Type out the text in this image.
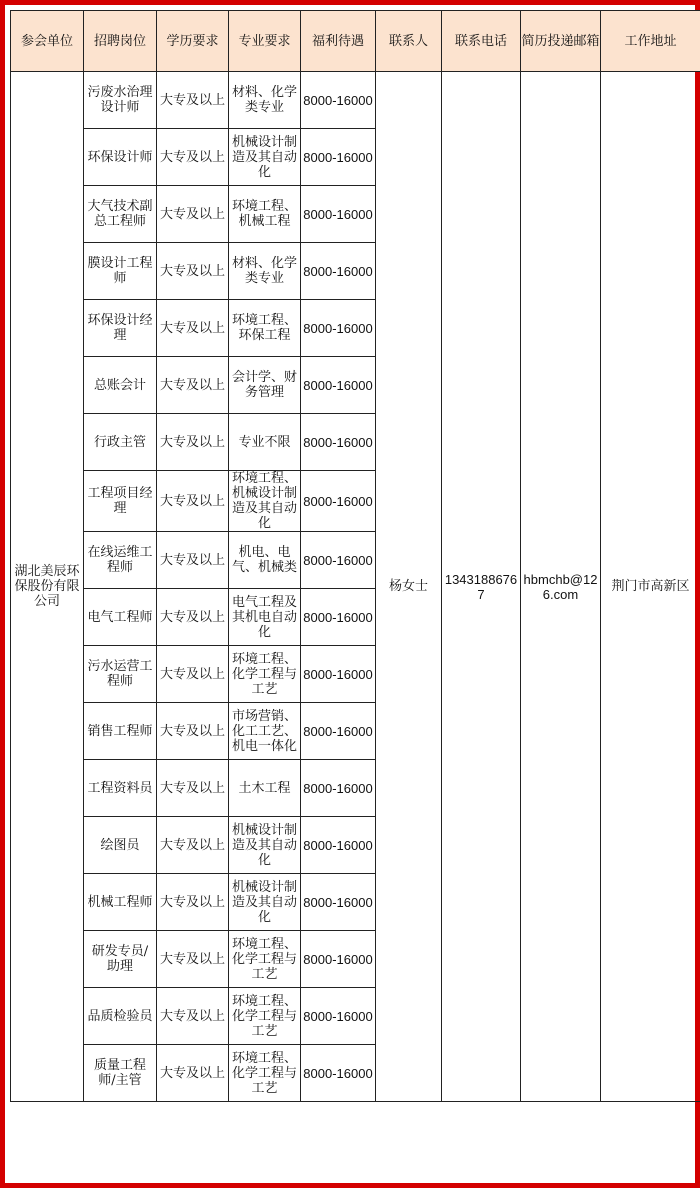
参会单位	招聘岗位	学历要求	专业要求	福利待遇	联系人	联系电话	简历投递邮箱	工作地址
湖北美辰环保股份有限公司	污废水治理设计师	大专及以上	材料、化学类专业	8000-16000	杨女士	13431886767	hbmchb@126.com	荆门市高新区
	环保设计师	大专及以上	机械设计制造及其自动化	8000-16000				
	大气技术副总工程师	大专及以上	环境工程、机械工程	8000-16000				
	膜设计工程师	大专及以上	材料、化学类专业	8000-16000				
	环保设计经理	大专及以上	环境工程、环保工程	8000-16000				
	总账会计	大专及以上	会计学、财务管理	8000-16000				
	行政主管	大专及以上	专业不限	8000-16000				
	工程项目经理	大专及以上	环境工程、机械设计制造及其自动化	8000-16000				
	在线运维工程师	大专及以上	机电、电气、机械类	8000-16000				
	电气工程师	大专及以上	电气工程及其机电自动化	8000-16000				
	污水运营工程师	大专及以上	环境工程、化学工程与工艺	8000-16000				
	销售工程师	大专及以上	市场营销、化工工艺、机电一体化	8000-16000				
	工程资料员	大专及以上	土木工程	8000-16000				
	绘图员	大专及以上	机械设计制造及其自动化	8000-16000				
	机械工程师	大专及以上	机械设计制造及其自动化	8000-16000				
	研发专员/助理	大专及以上	环境工程、化学工程与工艺	8000-16000				
	品质检验员	大专及以上	环境工程、化学工程与工艺	8000-16000				
	质量工程师/主管	大专及以上	环境工程、化学工程与工艺	8000-16000				
